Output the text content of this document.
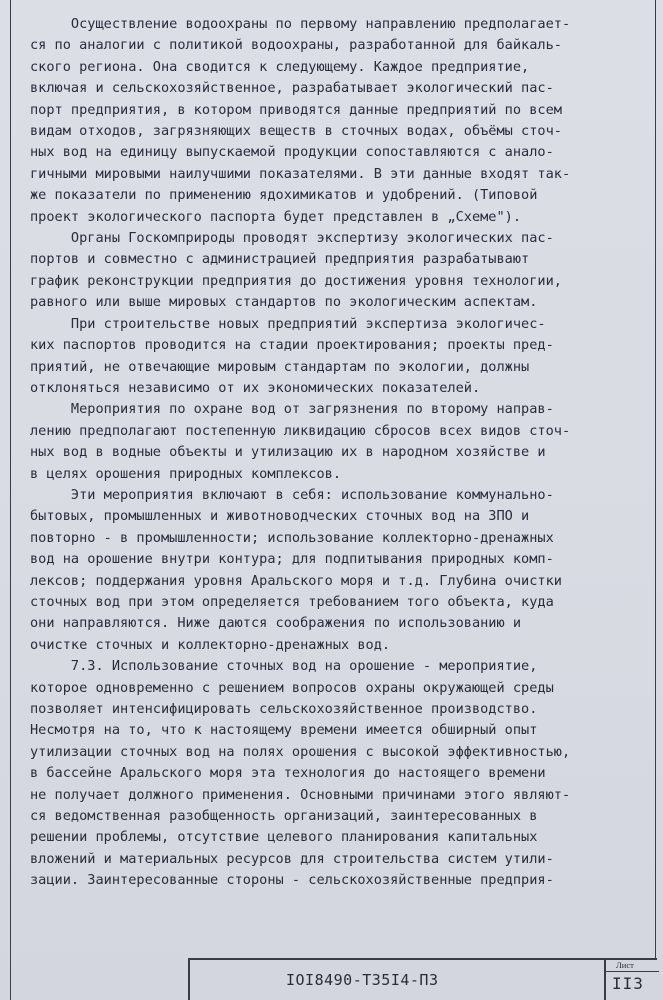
Осуществление водоохраны по первому направлению предполагает-
ся по аналогии с политикой водоохраны, разработанной для байкаль-
ского региона. Она сводится к следующему. Каждое предприятие,
включая и сельскохозяйственное, разрабатывает экологический пас-
порт предприятия, в котором приводятся данные предприятий по всем
видам отходов, загрязняющих веществ в сточных водах, объёмы сточ-
ных вод на единицу выпускаемой продукции сопоставляются с анало-
гичными мировыми наилучшими показателями. В эти данные входят так-
же показатели по применению ядохимикатов и удобрений. (Типовой
проект экологического паспорта будет представлен в „Схеме").

Органы Госкомприроды проводят экспертизу экологических пас-
портов и совместно с администрацией предприятия разрабатывают
график реконструкции предприятия до достижения уровня технологии,
равного или выше мировых стандартов по экологическим аспектам.

При строительстве новых предприятий экспертиза экологичес-
ких паспортов проводится на стадии проектирования; проекты пред-
приятий, не отвечающие мировым стандартам по экологии, должны
отклоняться независимо от их экономических показателей.

Мероприятия по охране вод от загрязнения по второму направ-
лению предполагают постепенную ликвидацию сбросов всех видов сточ-
ных вод в водные объекты и утилизацию их в народном хозяйстве и
в целях орошения природных комплексов.

Эти мероприятия включают в себя: использование коммунально-
бытовых, промышленных и животноводческих сточных вод на ЗПО и
повторно - в промышленности; использование коллекторно-дренажных
вод на орошение внутри контура; для подпитывания природных комп-
лексов; поддержания уровня Аральского моря и т.д. Глубина очистки
сточных вод при этом определяется требованием того объекта, куда
они направляются. Ниже даются соображения по использованию и
очистке сточных и коллекторно-дренажных вод.

7.3. Использование сточных вод на орошение - мероприятие,
которое одновременно с решением вопросов охраны окружающей среды
позволяет интенсифицировать сельскохозяйственное производство.
Несмотря на то, что к настоящему времени имеется обширный опыт
утилизации сточных вод на полях орошения с высокой эффективностью,
в бассейне Аральского моря эта технология до настоящего времени
не получает должного применения. Основными причинами этого являют-
ся ведомственная разобщенность организаций, заинтересованных в
решении проблемы, отсутствие целевого планирования капитальных
вложений и материальных ресурсов для строительства систем утили-
зации. Заинтересованные стороны - сельскохозяйственные предприя-

IOI8490-Т35I4-ПЗ
Лист
II3
